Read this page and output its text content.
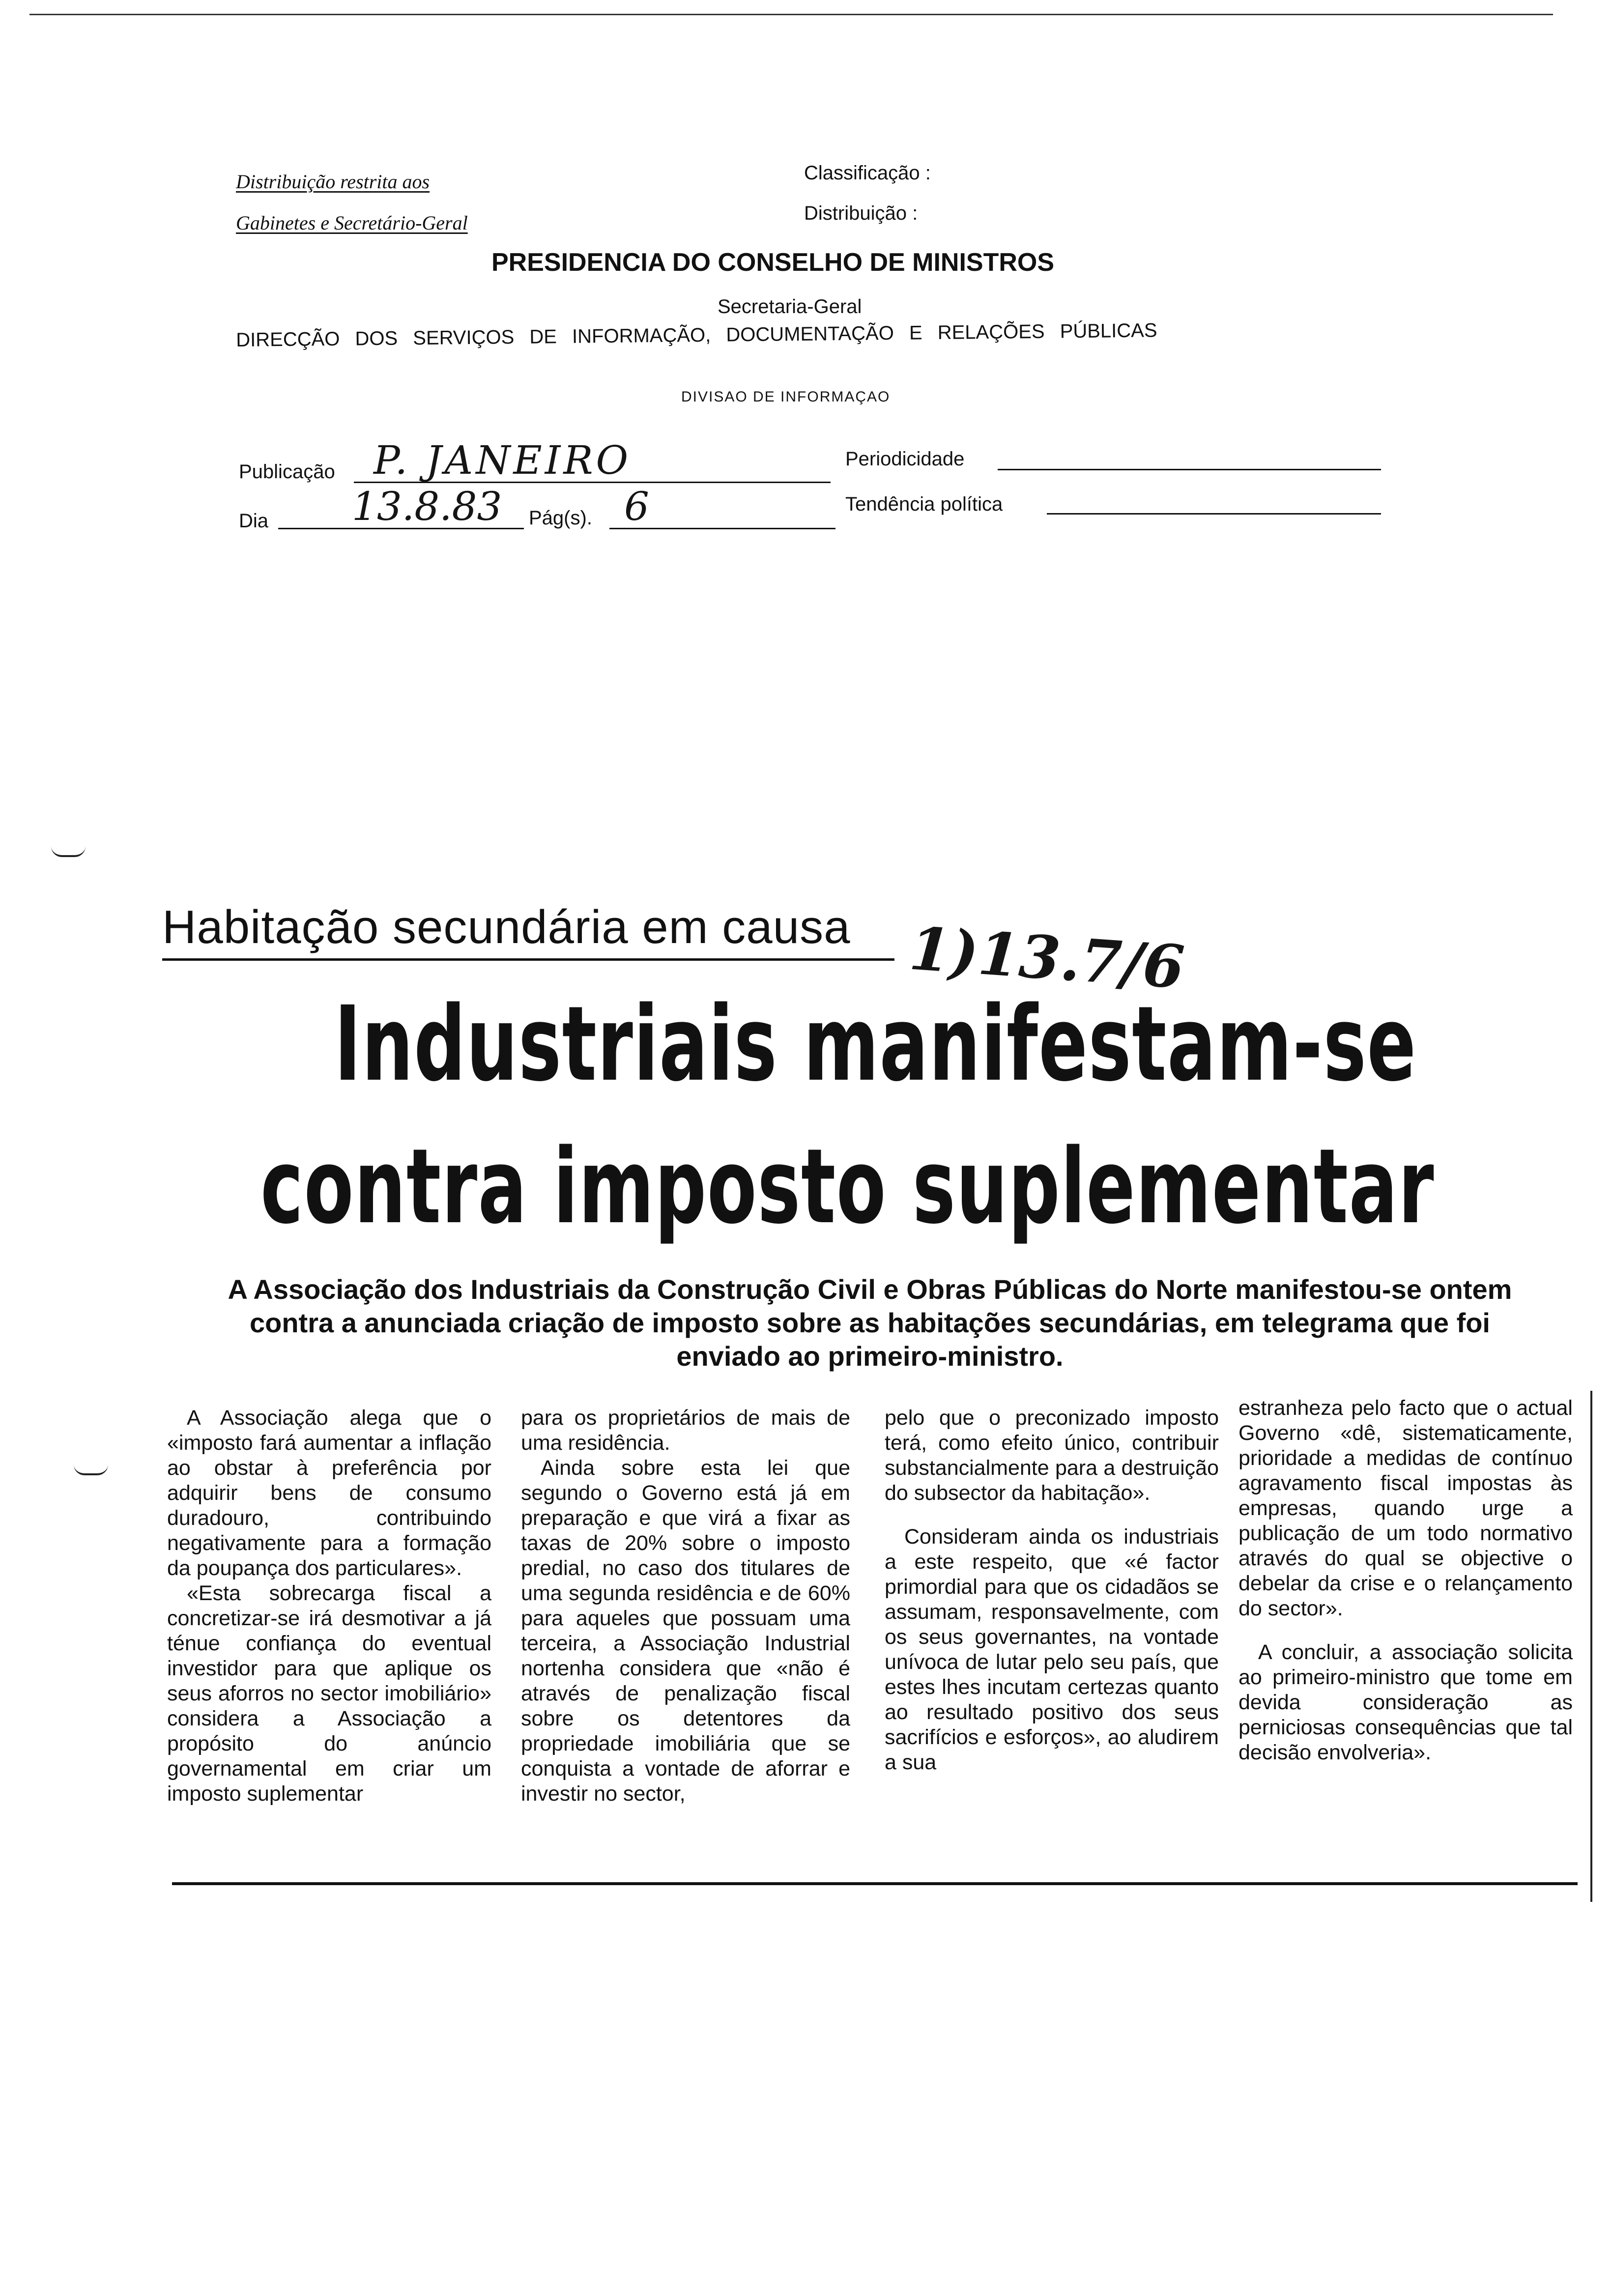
Distribuição restrita aos
Gabinetes e Secretário-Geral
Classificação :
Distribuição :
PRESIDENCIA DO CONSELHO DE MINISTROS
Secretaria-Geral
DIRECÇÃO DOS SERVIÇOS DE INFORMAÇÃO, DOCUMENTAÇÃO E RELAÇÕES PÚBLICAS
DIVISAO DE INFORMAÇAO
Publicação P. JANEIRO	Periodicidade
Dia 13.8.83 Pág(s). 6	Tendência política
Habitação secundária em causa 1)13.7/6
Industriais manifestam-se
contra imposto suplementar
A Associação dos Industriais da Construção Civil e Obras Públicas do Norte manifestou-se ontem contra a anunciada criação de imposto sobre as habitações secundárias, em telegrama que foi enviado ao primeiro-ministro.

A Associação alega que o «imposto fará aumentar a inflação ao obstar à preferência por adquirir bens de consumo duradouro, contribuindo negativamente para a formação da poupança dos particulares».

«Esta sobrecarga fiscal a concretizar-se irá desmotivar a já ténue confiança do eventual investidor para que aplique os seus aforros no sector imobiliário» considera a Associação a propósito do anúncio governamental em criar um imposto suplementar

para os proprietários de mais de uma residência.

Ainda sobre esta lei que segundo o Governo está já em preparação e que virá a fixar as taxas de 20% sobre o imposto predial, no caso dos titulares de uma segunda residência e de 60% para aqueles que possuam uma terceira, a Associação Industrial nortenha considera que «não é através de penalização fiscal sobre os detentores da propriedade imobiliária que se conquista a vontade de aforrar e investir no sector,

pelo que o preconizado imposto terá, como efeito único, contribuir substancialmente para a destruição do subsector da habitação».

Consideram ainda os industriais a este respeito, que «é factor primordial para que os cidadãos se assumam, responsavelmente, com os seus governantes, na vontade unívoca de lutar pelo seu país, que estes lhes incutam certezas quanto ao resultado positivo dos seus sacrifícios e esforços», ao aludirem a sua

estranheza pelo facto que o actual Governo «dê, sistematicamente, prioridade a medidas de contínuo agravamento fiscal impostas às empresas, quando urge a publicação de um todo normativo através do qual se objective o debelar da crise e o relançamento do sector».

A concluir, a associação solicita ao primeiro-ministro que tome em devida consideração as perniciosas consequências que tal decisão envolveria».
